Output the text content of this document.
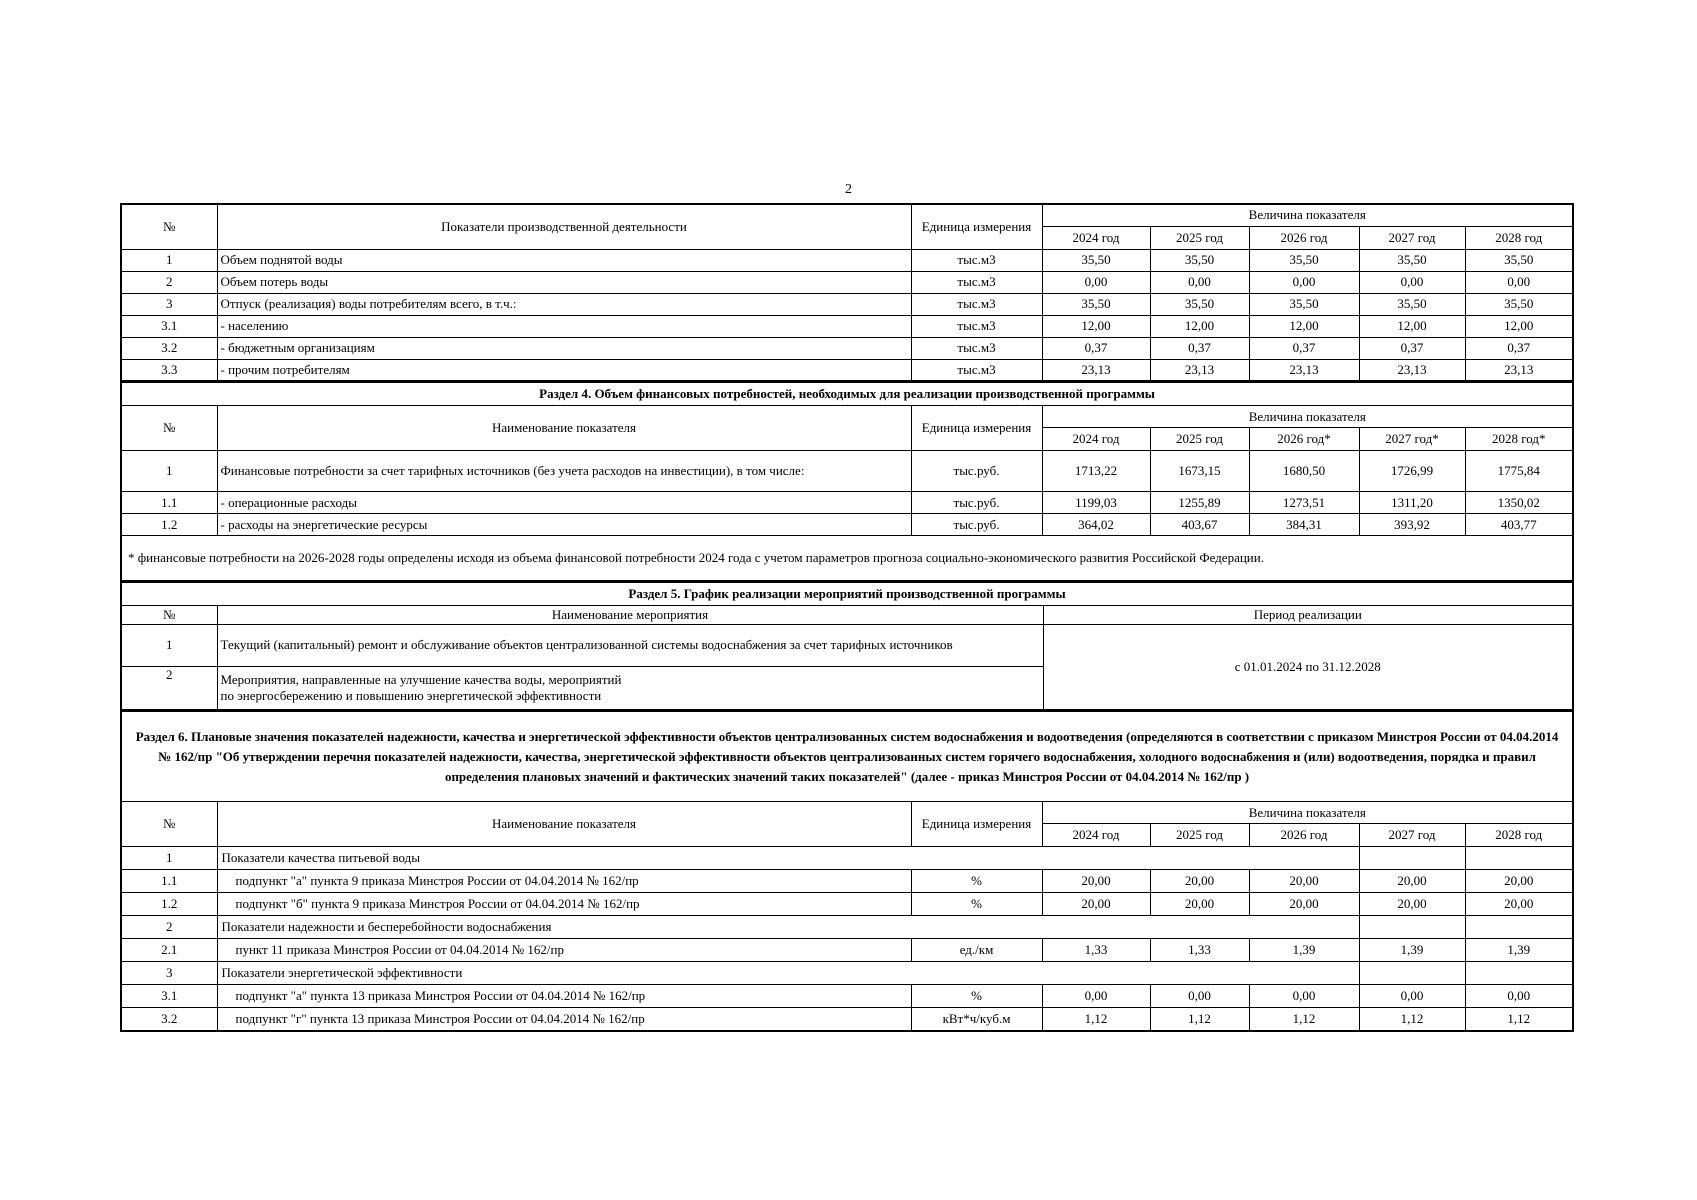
2
№	Показатели производственной деятельности	Единица измерения	Величина показателя				
			2024 год	2025 год	2026 год	2027 год	2028 год
1	Объем поднятой воды	тыс.м3	35,50	35,50	35,50	35,50	35,50
2	Объем потерь воды	тыс.м3	0,00	0,00	0,00	0,00	0,00
3	Отпуск (реализация) воды потребителям всего, в т.ч.:	тыс.м3	35,50	35,50	35,50	35,50	35,50
3.1	- населению	тыс.м3	12,00	12,00	12,00	12,00	12,00
3.2	- бюджетным организациям	тыс.м3	0,37	0,37	0,37	0,37	0,37
3.3	- прочим потребителям	тыс.м3	23,13	23,13	23,13	23,13	23,13
Раздел 4. Объем финансовых потребностей, необходимых для реализации производственной программы							
№	Наименование показателя	Единица измерения	Величина показателя				
			2024 год	2025 год	2026 год*	2027 год*	2028 год*
1	Финансовые потребности за счет тарифных источников (без учета расходов на инвестиции), в том числе:	тыс.руб.	1713,22	1673,15	1680,50	1726,99	1775,84
1.1	- операционные расходы	тыс.руб.	1199,03	1255,89	1273,51	1311,20	1350,02
1.2	- расходы на энергетические ресурсы	тыс.руб.	364,02	403,67	384,31	393,92	403,77
* финансовые потребности на 2026-2028 годы определены исходя из объема финансовой потребности 2024 года с учетом параметров прогноза социально-экономического развития Российской Федерации.							
Раздел 5. График реализации мероприятий производственной программы		
№	Наименование мероприятия	Период реализации
1	Текущий (капитальный) ремонт и обслуживание объектов централизованной системы водоснабжения за счет тарифных источников	с 01.01.2024 по 31.12.2028
2	Мероприятия, направленные на улучшение качества воды, мероприятий
по энергосбережению и повышению энергетической эффективности	
Раздел 6. Плановые значения показателей надежности, качества и энергетической эффективности объектов централизованных систем водоснабжения и водоотведения (определяются в соответствии с приказом Минстроя России от 04.04.2014 № 162/пр "Об утверждении перечня показателей надежности, качества, энергетической эффективности объектов централизованных систем горячего водоснабжения, холодного водоснабжения и (или) водоотведения, порядка и правил определения плановых значений и фактических значений таких показателей" (далее - приказ Минстроя России от 04.04.2014 № 162/пр )							
№	Наименование показателя	Единица измерения	Величина показателя				
			2024 год	2025 год	2026 год	2027 год	2028 год
1	Показатели качества питьевой воды						
1.1	подпункт "а" пункта 9 приказа Минстроя России от 04.04.2014 № 162/пр	%	20,00	20,00	20,00	20,00	20,00
1.2	подпункт "б" пункта 9 приказа Минстроя России от 04.04.2014 № 162/пр	%	20,00	20,00	20,00	20,00	20,00
2	Показатели надежности и бесперебойности водоснабжения						
2.1	пункт 11 приказа Минстроя России от 04.04.2014 № 162/пр	ед./км	1,33	1,33	1,39	1,39	1,39
3	Показатели энергетической эффективности						
3.1	подпункт "а" пункта 13 приказа Минстроя России от 04.04.2014 № 162/пр	%	0,00	0,00	0,00	0,00	0,00
3.2	подпункт "г" пункта 13 приказа Минстроя России от 04.04.2014 № 162/пр	кВт*ч/куб.м	1,12	1,12	1,12	1,12	1,12
